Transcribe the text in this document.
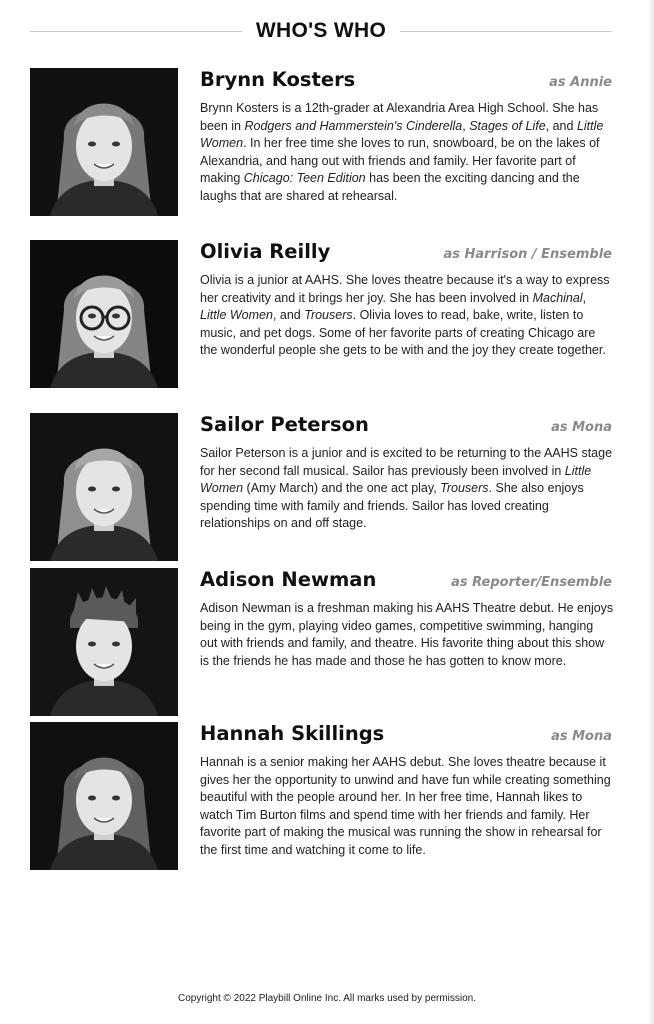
WHO'S WHO
Brynn Kosters	as Annie

Brynn Kosters is a 12th-grader at Alexandria Area High School. She has been in Rodgers and Hammerstein's Cinderella, Stages of Life, and Little Women. In her free time she loves to run, snowboard, be on the lakes of Alexandria, and hang out with friends and family. Her favorite part of making Chicago: Teen Edition has been the exciting dancing and the laughs that are shared at rehearsal.

Olivia Reilly	as Harrison / Ensemble

Olivia is a junior at AAHS. She loves theatre because it's a way to express her creativity and it brings her joy. She has been involved in Machinal, Little Women, and Trousers. Olivia loves to read, bake, write, listen to music, and pet dogs. Some of her favorite parts of creating Chicago are the wonderful people she gets to be with and the joy they create together.

Sailor Peterson	as Mona

Sailor Peterson is a junior and is excited to be returning to the AAHS stage for her second fall musical. Sailor has previously been involved in Little Women (Amy March) and the one act play, Trousers. She also enjoys spending time with family and friends. Sailor has loved creating relationships on and off stage.

Adison Newman	as Reporter/Ensemble

Adison Newman is a freshman making his AAHS Theatre debut. He enjoys being in the gym, playing video games, competitive swimming, hanging out with friends and family, and theatre. His favorite thing about this show is the friends he has made and those he has gotten to know more.

Hannah Skillings	as Mona

Hannah is a senior making her AAHS debut. She loves theatre because it gives her the opportunity to unwind and have fun while creating something beautiful with the people around her. In her free time, Hannah likes to watch Tim Burton films and spend time with her friends and family. Her favorite part of making the musical was running the show in rehearsal for the first time and watching it come to life.

Copyright © 2022 Playbill Online Inc. All marks used by permission.
